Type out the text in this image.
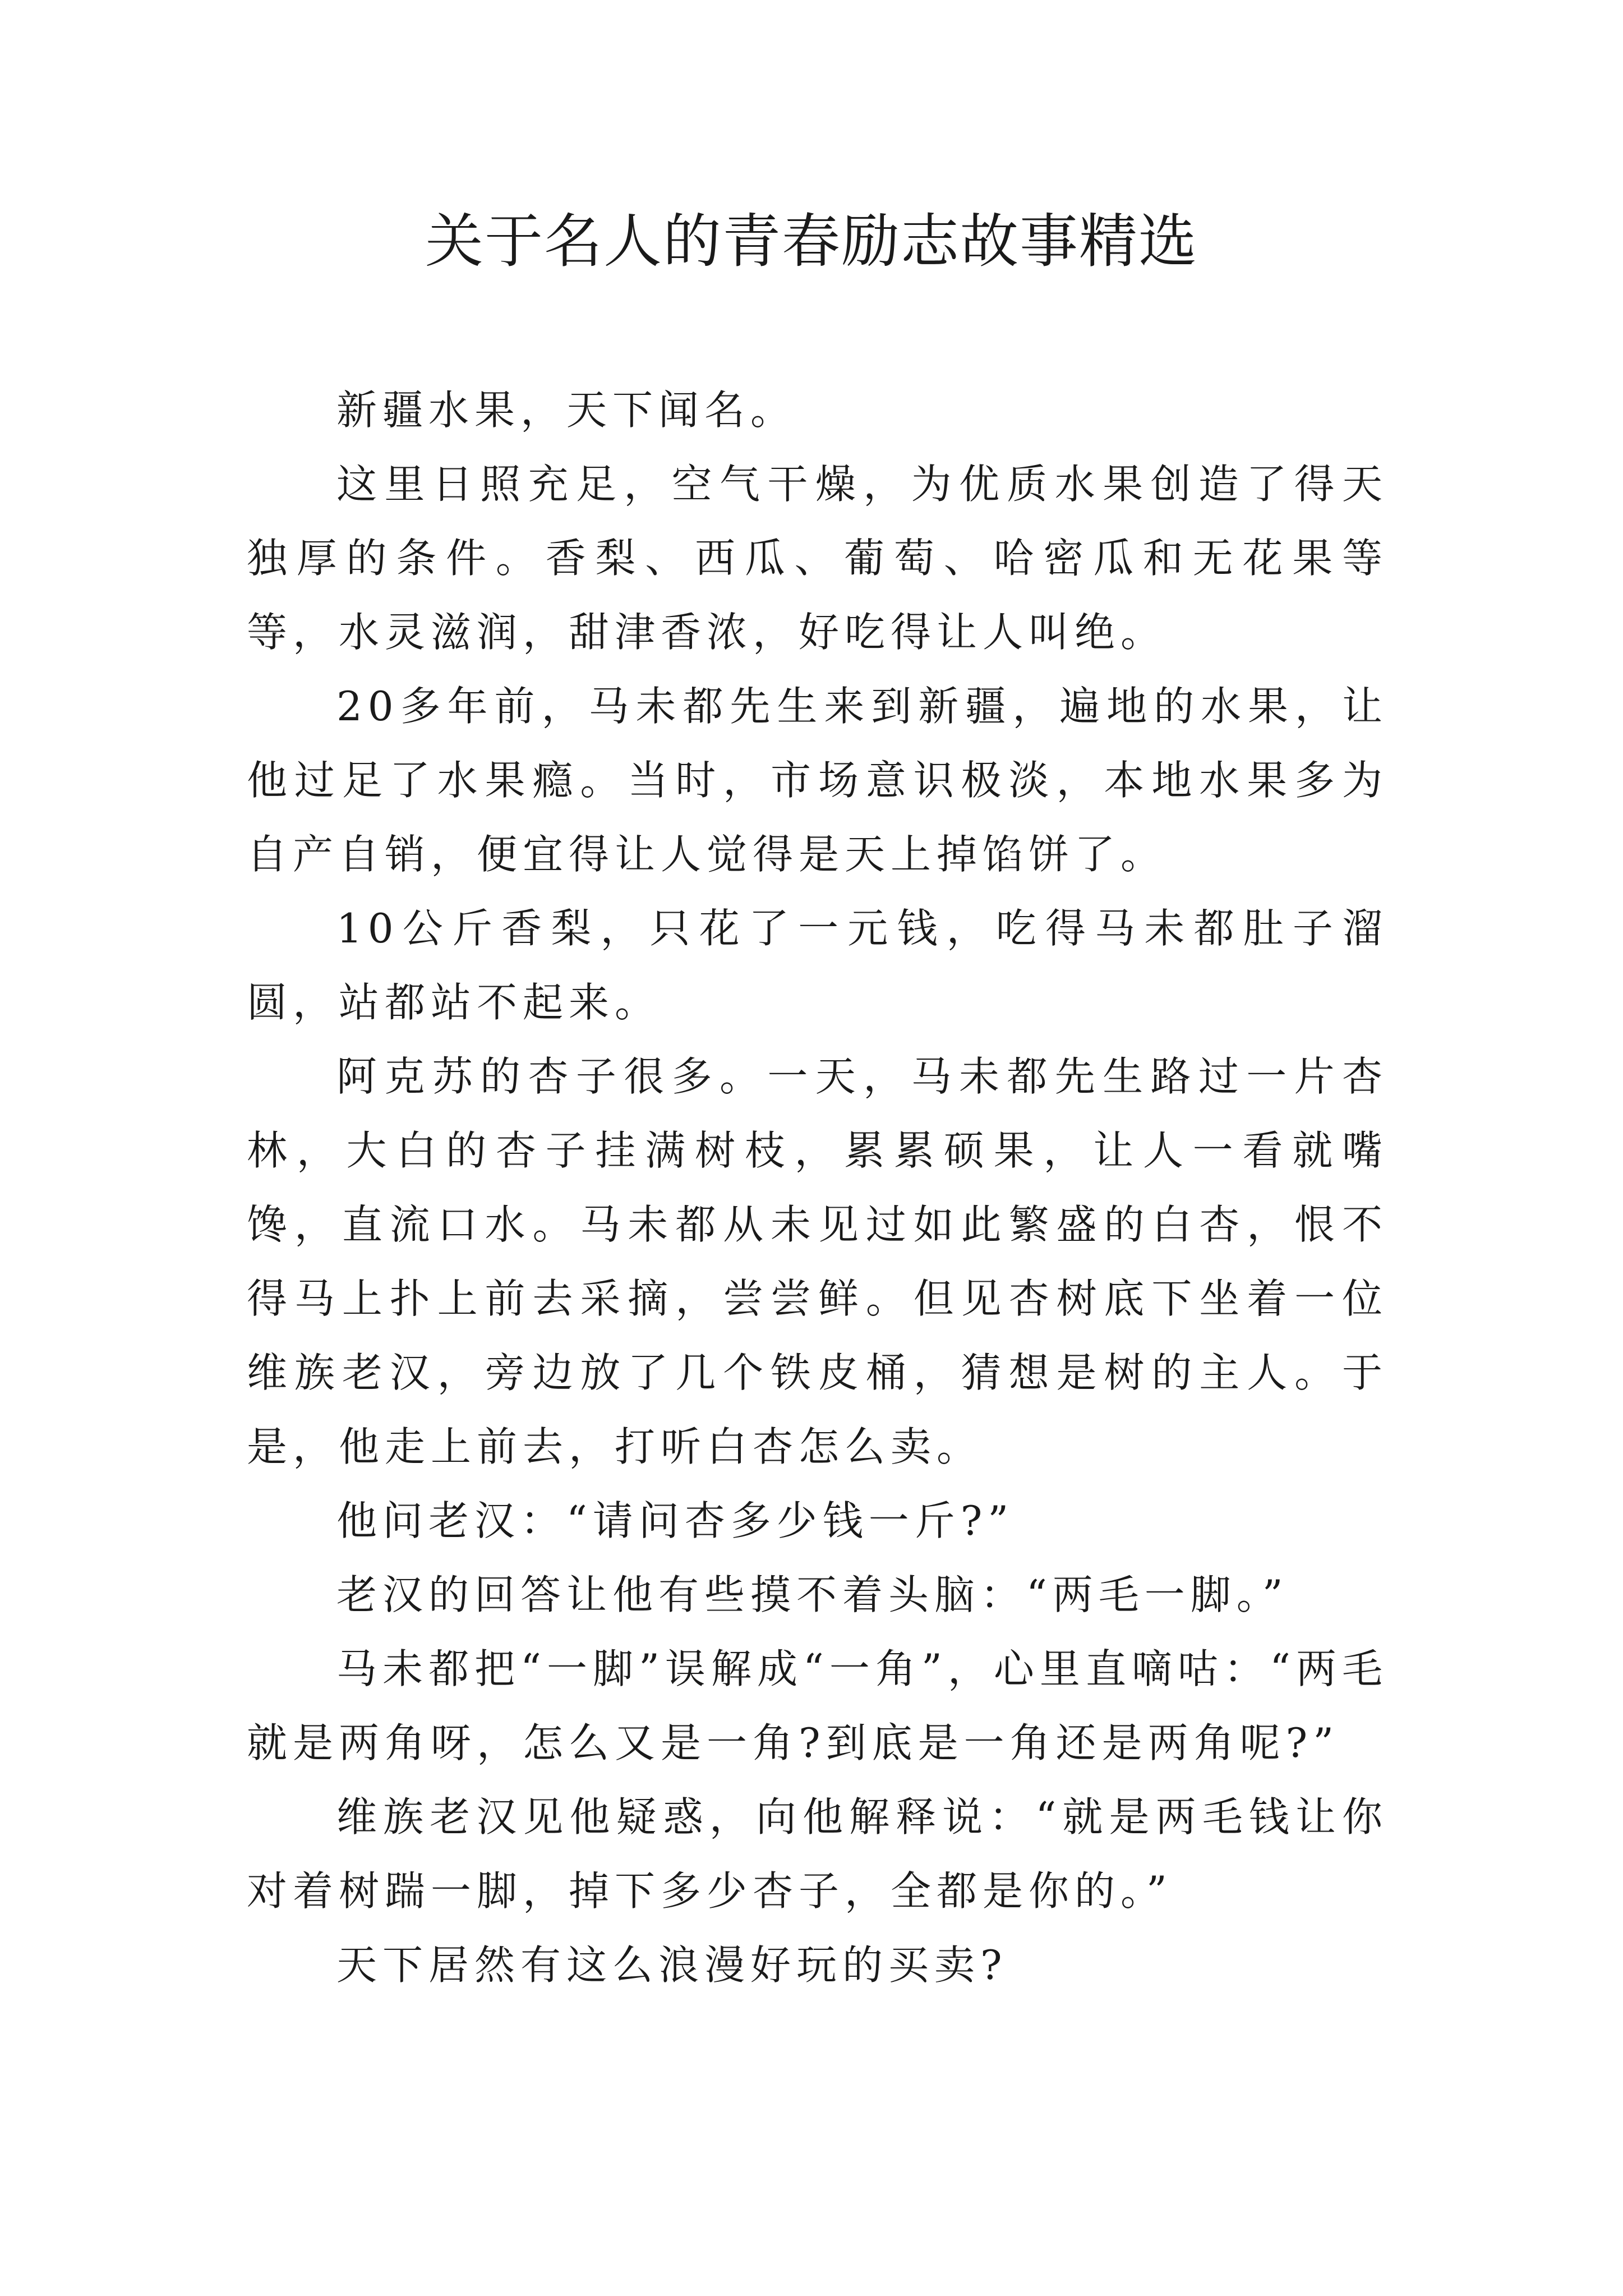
关于名人的青春励志故事精选

新疆水果，天下闻名。

这里日照充足，空气干燥，为优质水果创造了得天独厚的条件。香梨、西瓜、葡萄、哈密瓜和无花果等等，水灵滋润，甜津香浓，好吃得让人叫绝。

20多年前，马未都先生来到新疆，遍地的水果，让他过足了水果瘾。当时，市场意识极淡，本地水果多为自产自销，便宜得让人觉得是天上掉馅饼了。

10公斤香梨，只花了一元钱，吃得马未都肚子溜圆，站都站不起来。

阿克苏的杏子很多。一天，马未都先生路过一片杏林，大白的杏子挂满树枝，累累硕果，让人一看就嘴馋，直流口水。马未都从未见过如此繁盛的白杏，恨不得马上扑上前去采摘，尝尝鲜。但见杏树底下坐着一位维族老汉，旁边放了几个铁皮桶，猜想是树的主人。于是，他走上前去，打听白杏怎么卖。

他问老汉：“请问杏多少钱一斤?”

老汉的回答让他有些摸不着头脑：“两毛一脚。”

马未都把“一脚”误解成“一角”，心里直嘀咕：“两毛就是两角呀，怎么又是一角?到底是一角还是两角呢?”

维族老汉见他疑惑，向他解释说：“就是两毛钱让你对着树踹一脚，掉下多少杏子，全都是你的。”

天下居然有这么浪漫好玩的买卖?
